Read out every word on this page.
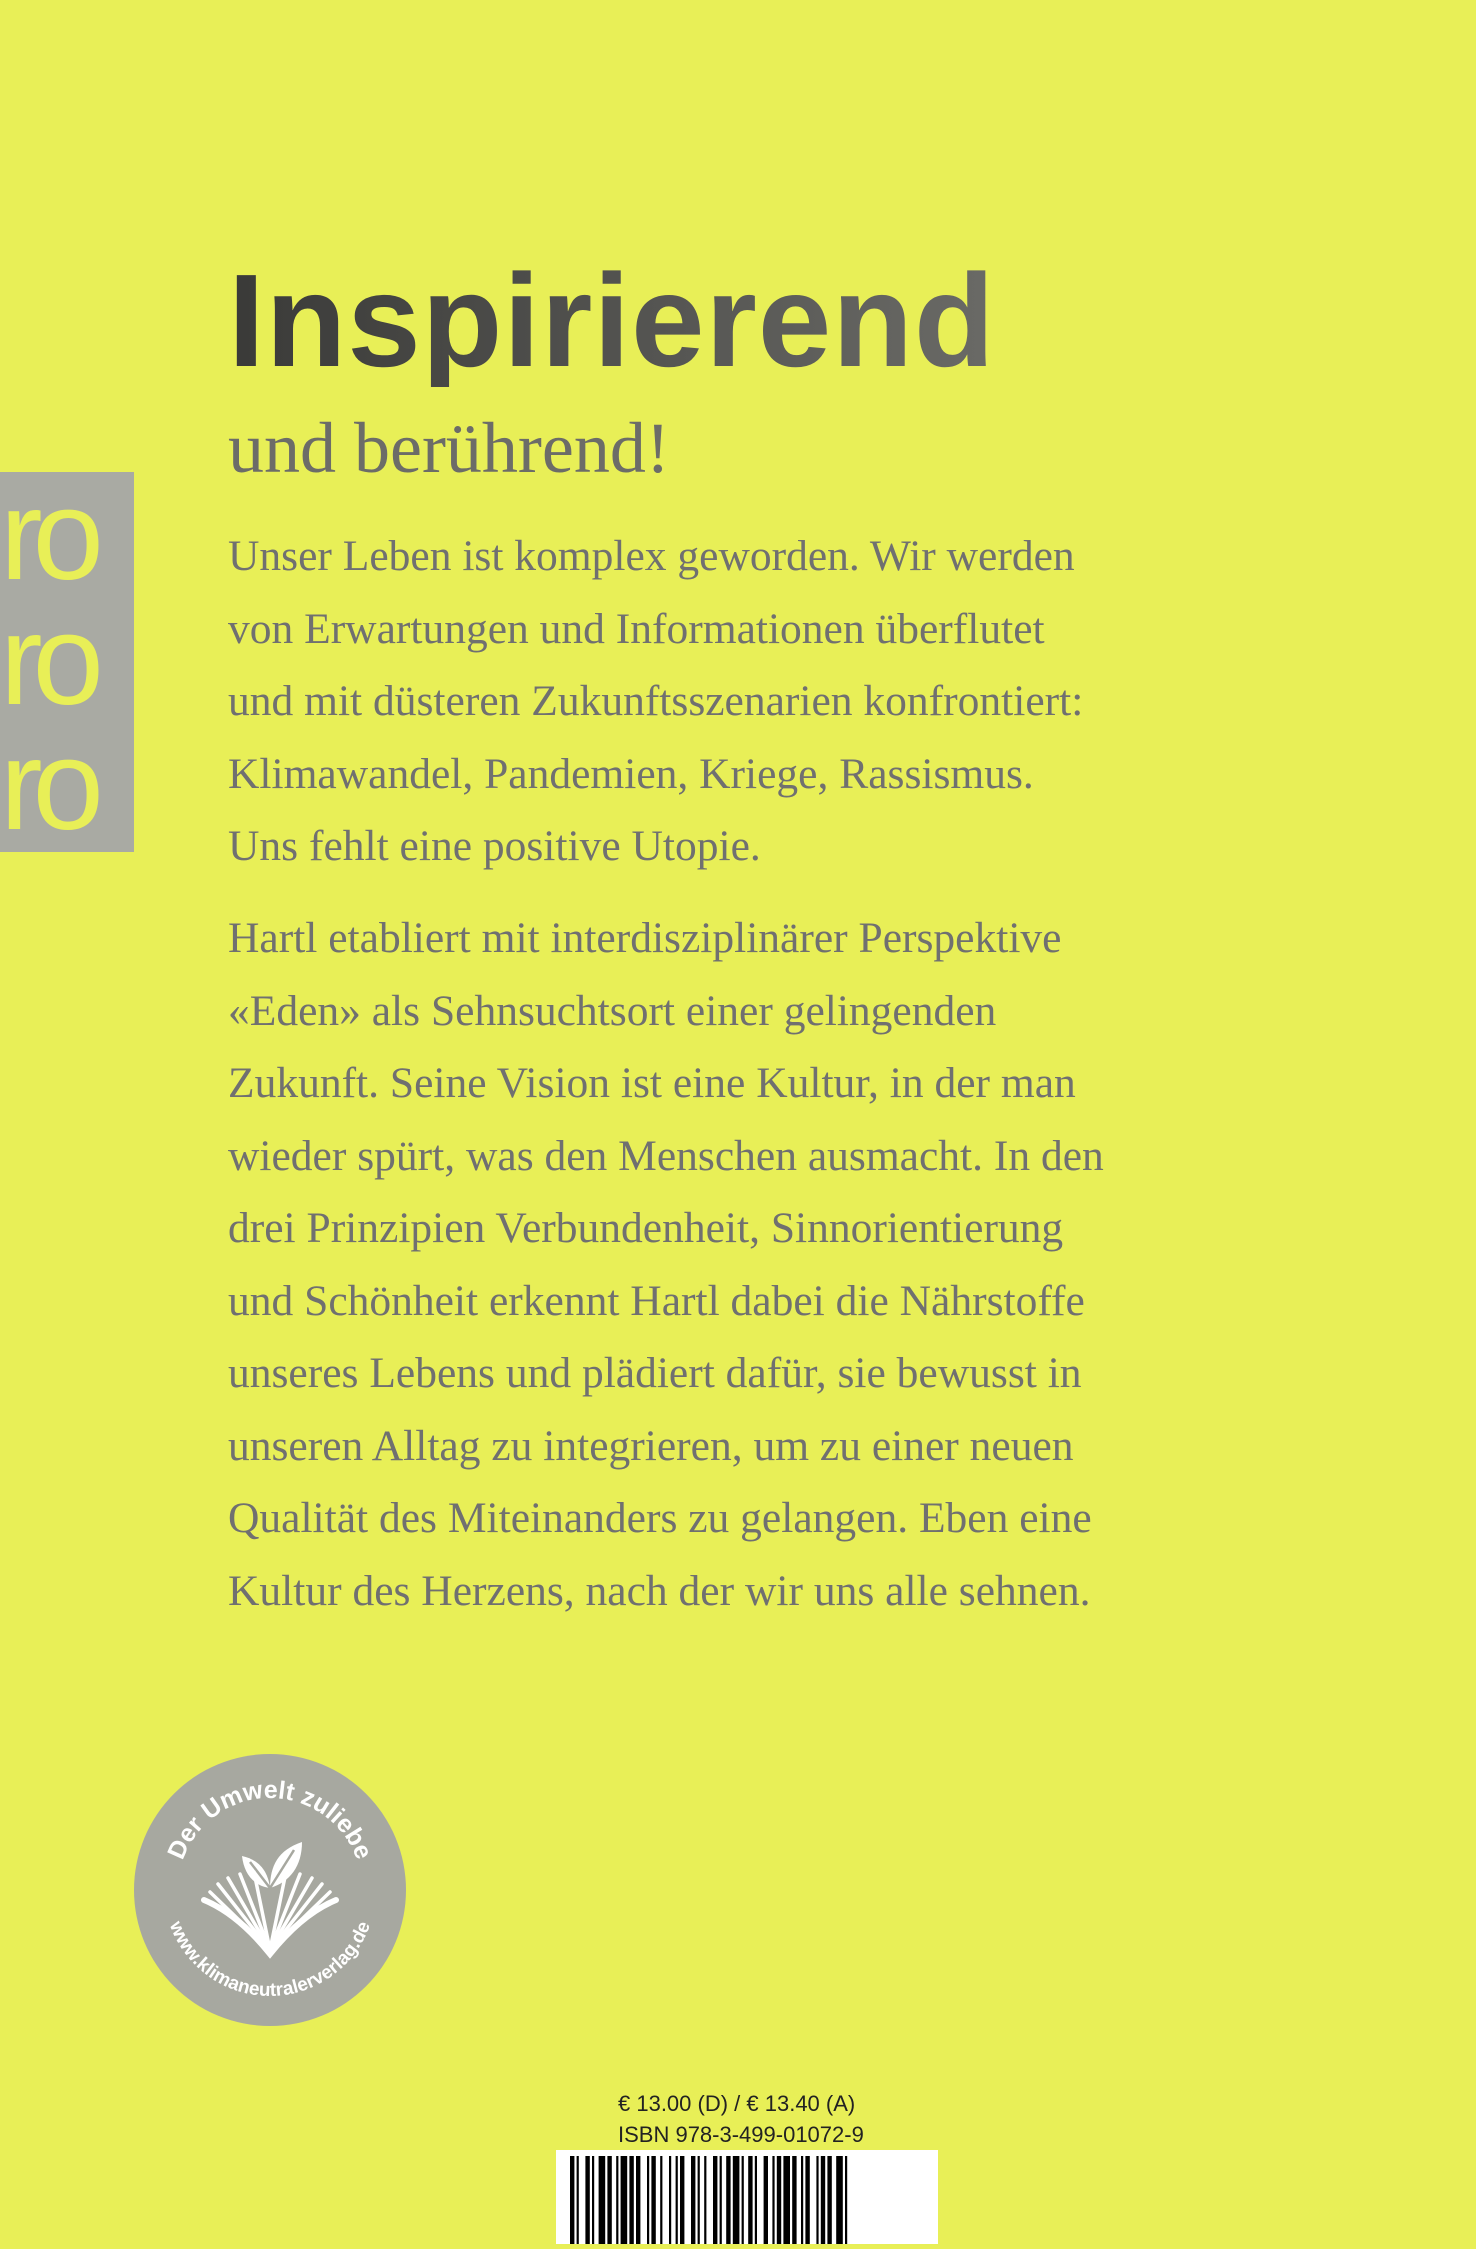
ro
ro
ro
Inspirierend
und berührend!
Unser Leben ist komplex geworden. Wir werden
von Erwartungen und Informationen überflutet
und mit düsteren Zukunftsszenarien konfrontiert:
Klimawandel, Pandemien, Kriege, Rassismus.
Uns fehlt eine positive Utopie.
Hartl etabliert mit interdisziplinärer Perspektive
«Eden» als Sehnsuchtsort einer gelingenden
Zukunft. Seine Vision ist eine Kultur, in der man
wieder spürt, was den Menschen ausmacht. In den
drei Prinzipien Verbundenheit, Sinnorientierung
und Schönheit erkennt Hartl dabei die Nährstoffe
unseres Lebens und plädiert dafür, sie bewusst in
unseren Alltag zu integrieren, um zu einer neuen
Qualität des Miteinanders zu gelangen. Eben eine
Kultur des Herzens, nach der wir uns alle sehnen.
Der Umwelt zuliebe
www.klimaneutralerverlag.de
€ 13.00 (D) / € 13.40 (A)
ISBN 978-3-499-01072-9
